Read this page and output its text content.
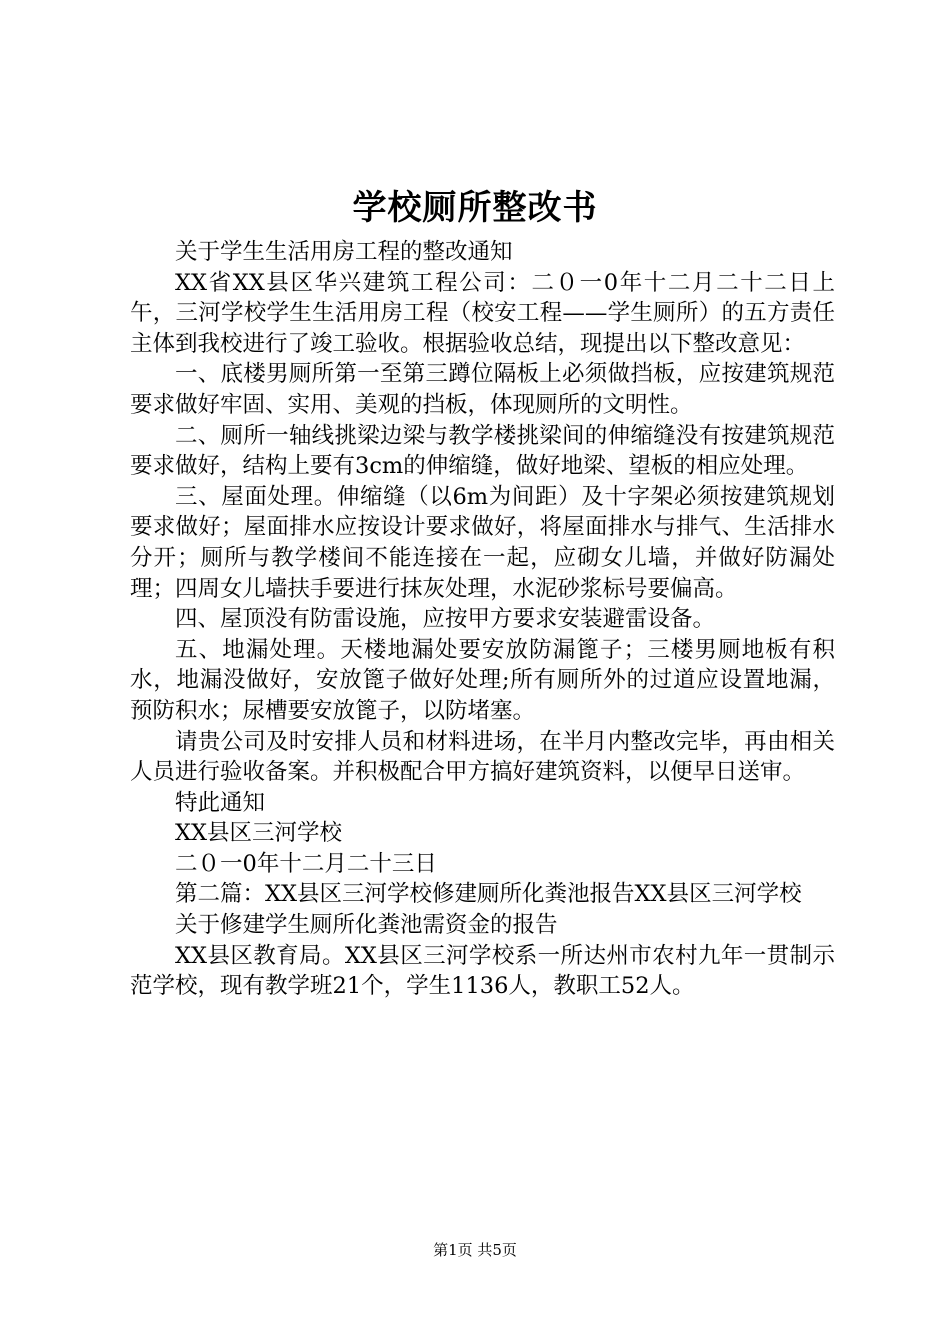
学校厕所整改书

关于学生生活用房工程的整改通知

XX省XX县区华兴建筑工程公司：二０一0年十二月二十二日上午，三河学校学生生活用房工程（校安工程——学生厕所）的五方责任主体到我校进行了竣工验收。根据验收总结，现提出以下整改意见：

一、底楼男厕所第一至第三蹲位隔板上必须做挡板，应按建筑规范要求做好牢固、实用、美观的挡板，体现厕所的文明性。

二、厕所一轴线挑梁边梁与教学楼挑梁间的伸缩缝没有按建筑规范要求做好，结构上要有3cm的伸缩缝，做好地梁、望板的相应处理。

三、屋面处理。伸缩缝（以6m为间距）及十字架必须按建筑规划要求做好；屋面排水应按设计要求做好，将屋面排水与排气、生活排水分开；厕所与教学楼间不能连接在一起，应砌女儿墙，并做好防漏处理；四周女儿墙扶手要进行抹灰处理，水泥砂浆标号要偏高。

四、屋顶没有防雷设施，应按甲方要求安装避雷设备。

五、地漏处理。天楼地漏处要安放防漏篦子；三楼男厕地板有积水，地漏没做好，安放篦子做好处理;所有厕所外的过道应设置地漏，预防积水；尿槽要安放篦子，以防堵塞。

请贵公司及时安排人员和材料进场，在半月内整改完毕，再由相关人员进行验收备案。并积极配合甲方搞好建筑资料，以便早日送审。

特此通知

XX县区三河学校

二０一0年十二月二十三日

第二篇：XX县区三河学校修建厕所化粪池报告XX县区三河学校

关于修建学生厕所化粪池需资金的报告

XX县区教育局。XX县区三河学校系一所达州市农村九年一贯制示范学校，现有教学班21个，学生1136人，教职工52人。

第1页 共5页
